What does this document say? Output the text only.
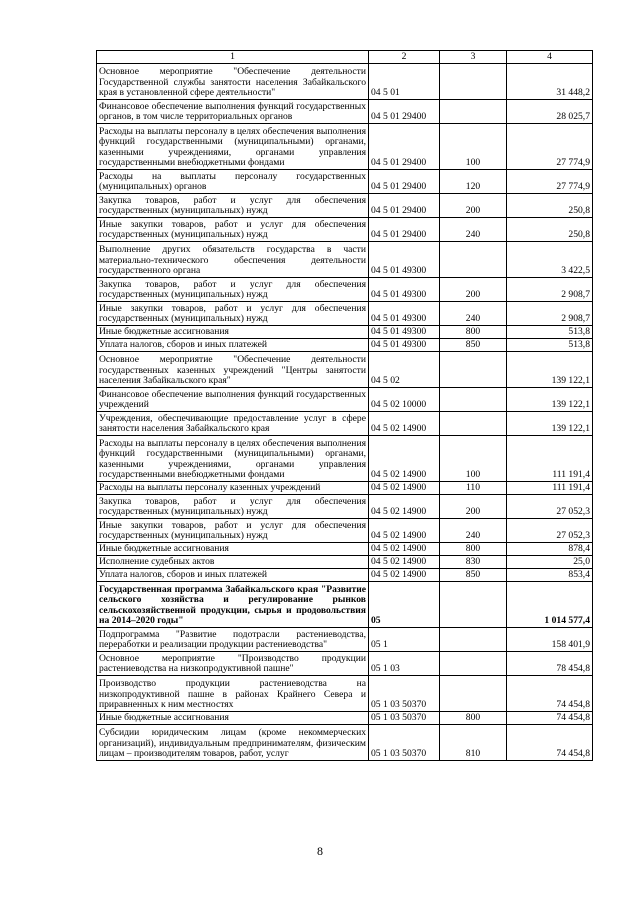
1	2	3	4
Основное мероприятие "Обеспечение деятельности Государственной службы занятости населения Забайкальского края в установленной сфере деятельности"	04 5 01		31 448,2
Финансовое обеспечение выполнения функций государственных органов, в том числе территориальных органов	04 5 01 29400		28 025,7
Расходы на выплаты персоналу в целях обеспечения выполнения функций государственными (муниципальными) органами, казенными учреждениями, органами управления государственными внебюджетными фондами	04 5 01 29400	100	27 774,9
Расходы на выплаты персоналу государственных (муниципальных) органов	04 5 01 29400	120	27 774,9
Закупка товаров, работ и услуг для обеспечения государственных (муниципальных) нужд	04 5 01 29400	200	250,8
Иные закупки товаров, работ и услуг для обеспечения государственных (муниципальных) нужд	04 5 01 29400	240	250,8
Выполнение других обязательств государства в части материально-технического обеспечения деятельности государственного органа	04 5 01 49300		3 422,5
Закупка товаров, работ и услуг для обеспечения государственных (муниципальных) нужд	04 5 01 49300	200	2 908,7
Иные закупки товаров, работ и услуг для обеспечения государственных (муниципальных) нужд	04 5 01 49300	240	2 908,7
Иные бюджетные ассигнования	04 5 01 49300	800	513,8
Уплата налогов, сборов и иных платежей	04 5 01 49300	850	513,8
Основное мероприятие "Обеспечение деятельности государственных казенных учреждений "Центры занятости населения Забайкальского края"	04 5 02		139 122,1
Финансовое обеспечение выполнения функций государственных учреждений	04 5 02 10000		139 122,1
Учреждения, обеспечивающие предоставление услуг в сфере занятости населения Забайкальского края	04 5 02 14900		139 122,1
Расходы на выплаты персоналу в целях обеспечения выполнения функций государственными (муниципальными) органами, казенными учреждениями, органами управления государственными внебюджетными фондами	04 5 02 14900	100	111 191,4
Расходы на выплаты персоналу казенных учреждений	04 5 02 14900	110	111 191,4
Закупка товаров, работ и услуг для обеспечения государственных (муниципальных) нужд	04 5 02 14900	200	27 052,3
Иные закупки товаров, работ и услуг для обеспечения государственных (муниципальных) нужд	04 5 02 14900	240	27 052,3
Иные бюджетные ассигнования	04 5 02 14900	800	878,4
Исполнение судебных актов	04 5 02 14900	830	25,0
Уплата налогов, сборов и иных платежей	04 5 02 14900	850	853,4
Государственная программа Забайкальского края "Развитие сельского хозяйства и регулирование рынков сельскохозяйственной продукции, сырья и продовольствия на 2014–2020 годы"	05		1 014 577,4
Подпрограмма "Развитие подотрасли растениеводства, переработки и реализации продукции растениеводства"	05 1		158 401,9
Основное мероприятие "Производство продукции растениеводства на низкопродуктивной пашне"	05 1 03		78 454,8
Производство продукции растениеводства на низкопродуктивной пашне в районах Крайнего Севера и приравненных к ним местностях	05 1 03 50370		74 454,8
Иные бюджетные ассигнования	05 1 03 50370	800	74 454,8
Субсидии юридическим лицам (кроме некоммерческих организаций), индивидуальным предпринимателям, физическим лицам – производителям товаров, работ, услуг	05 1 03 50370	810	74 454,8
8
